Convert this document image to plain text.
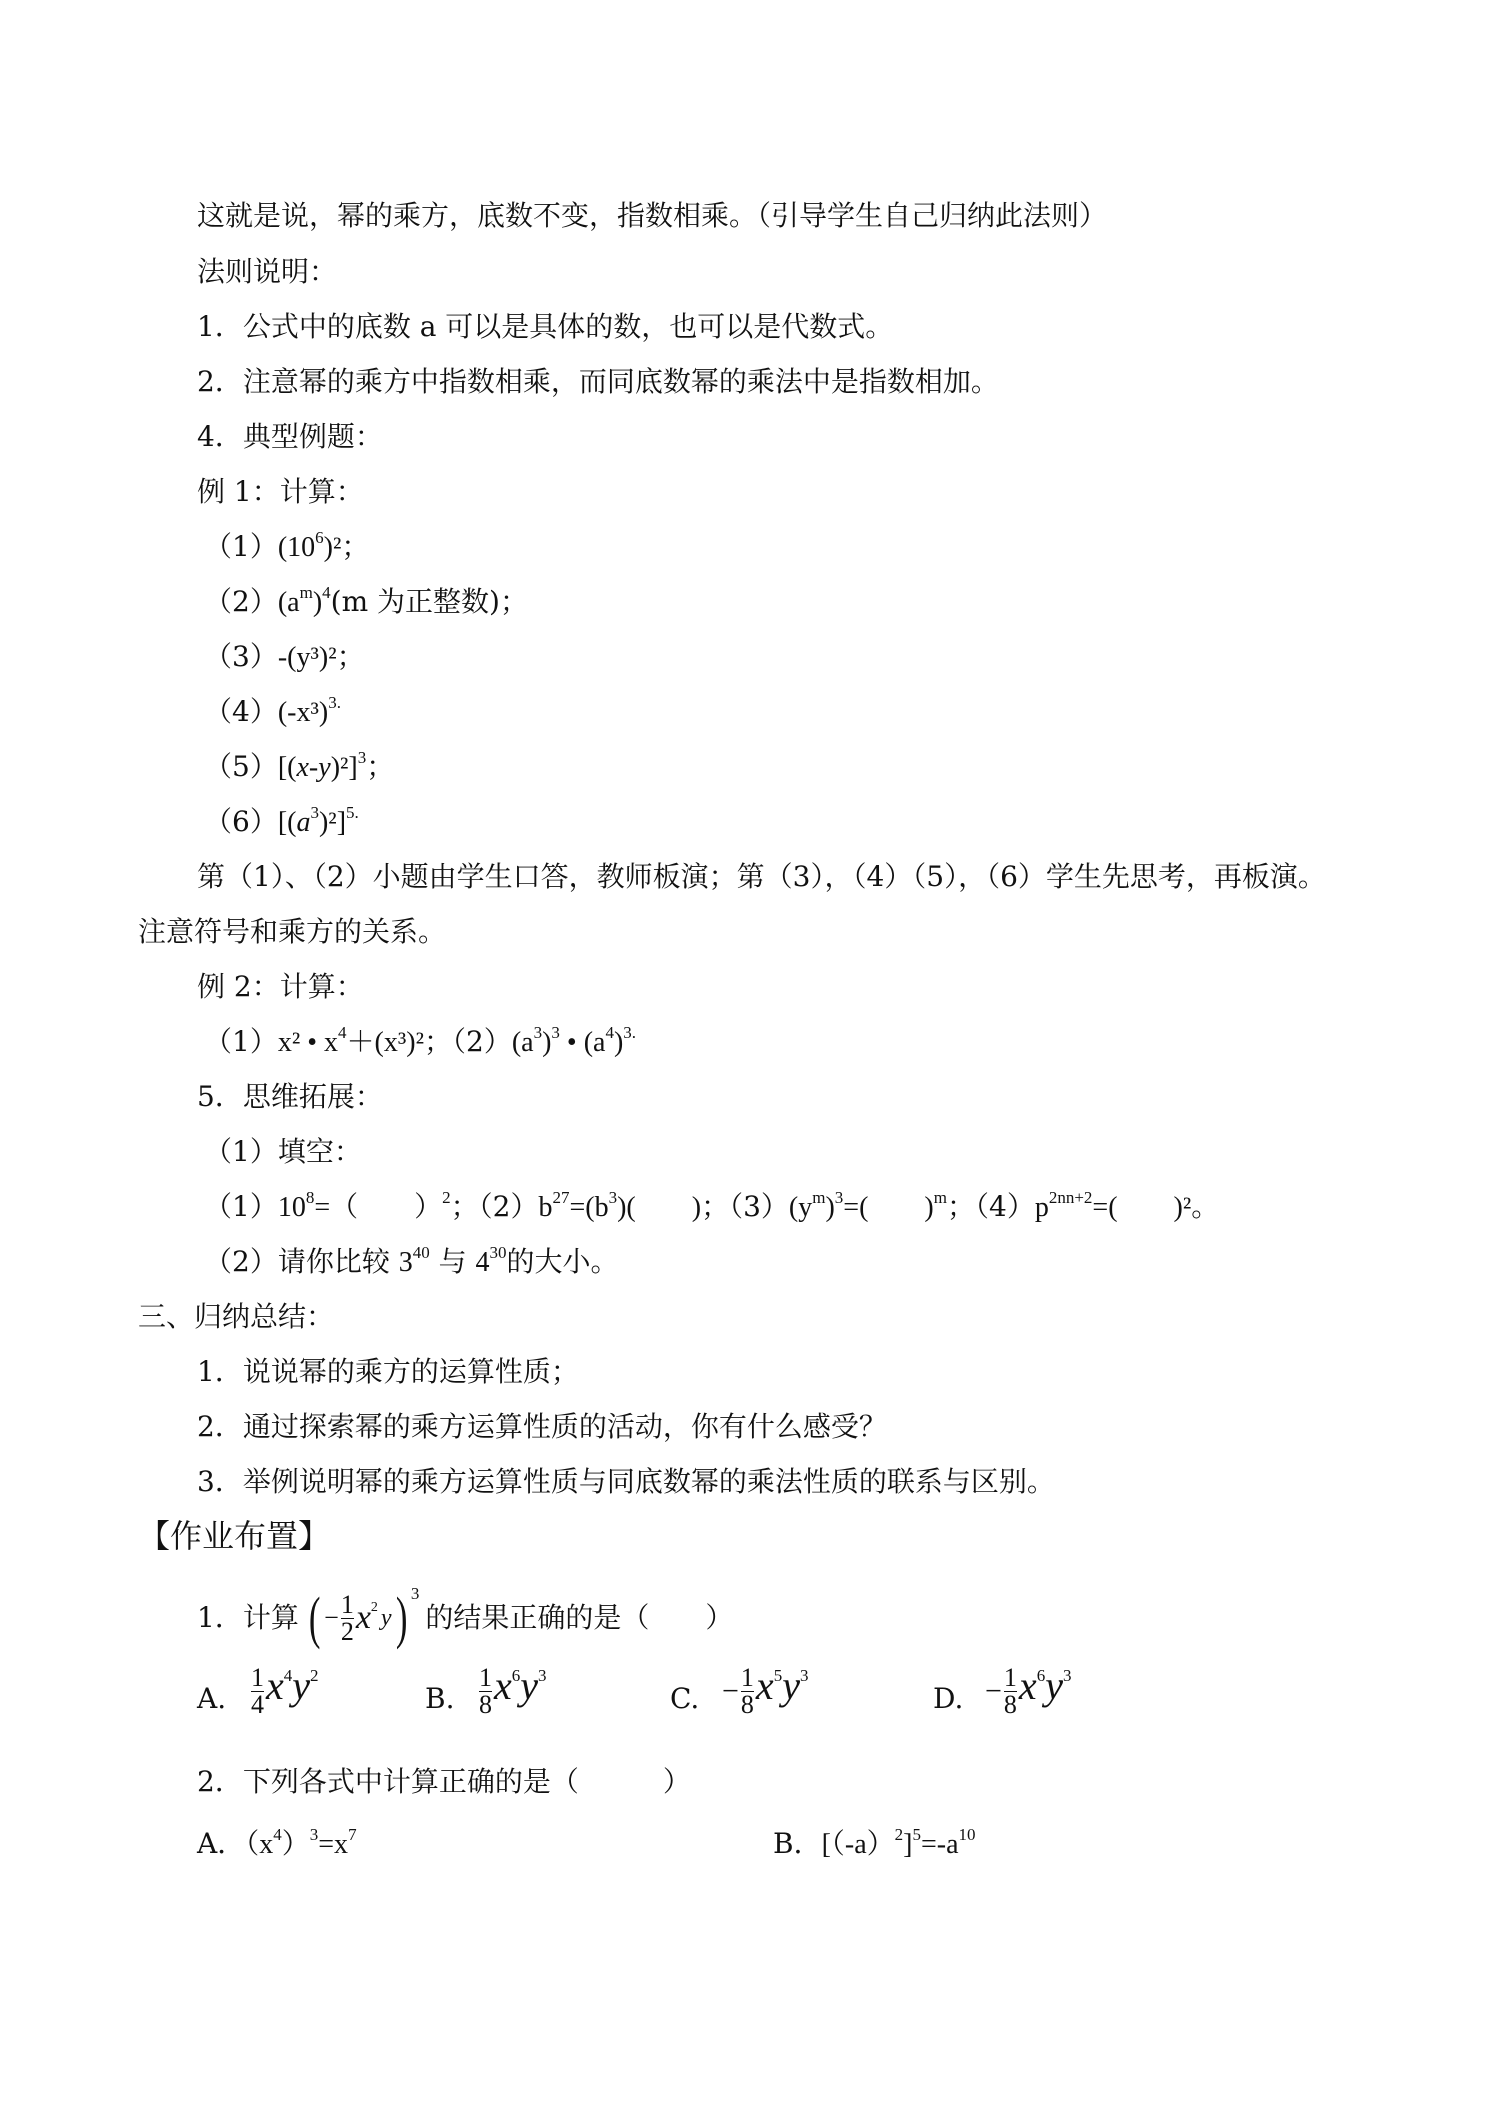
这就是说，幂的乘方，底数不变，指数相乘。（引导学生自己归纳此法则）
法则说明：
1．公式中的底数 a 可以是具体的数，也可以是代数式。
2．注意幂的乘方中指数相乘，而同底数幂的乘法中是指数相加。
4．典型例题：
例 1：计算：
$(1)(10^6)^2$；
$(2)(a^m)^4(m$ 为正整数)；
（3）-(y³)²；
$(4)(-x^3)^{3.}$
$(5)[(x-y)^2]^3$；
$(6)[(a^3)^2]^{5.}$
第（1）、（2）小题由学生口答，教师板演；第（3），（4）（5），（6）学生先思考，再板演。
注意符号和乘方的关系。
例 2：计算：
（1）x² • $x^4+(x^3)^2$；$(2)(a^3)^3$ • $(a^4)^{3.}$
5．思维拓展：
（1）填空：
$(1)10^8=$（　　）$^2$；$(2)b^{27}=(b^3)$(　　)；$(3)(y^m)^3=$(　　)$^m$；$(4)p^{2nn+2}=$(　　)²。
（2）请你比较 $3^{40}$ 与 $4^{30}$的大小。
三、归纳总结：
1．说说幂的乘方的运算性质；
2．通过探索幂的乘方运算性质的活动，你有什么感受？
3．举例说明幂的乘方运算性质与同底数幂的乘法性质的联系与区别。
【作业布置】
1．计算 ( − $\frac{1}{2}$ x 2 y ) 3
的结果正确的是（　　）
A. $\frac{1}{4} x^4y^2$
B. $\frac{1}{8} x^6y^3$
C. − $\frac{1}{8} x^5y^3$
D. − $\frac{1}{8} x^6y^3$
2．下列各式中计算正确的是（　　　）
A．$(x^4)^3=x^7$	B．$[(-a)^2]^5=-a^{10}$
